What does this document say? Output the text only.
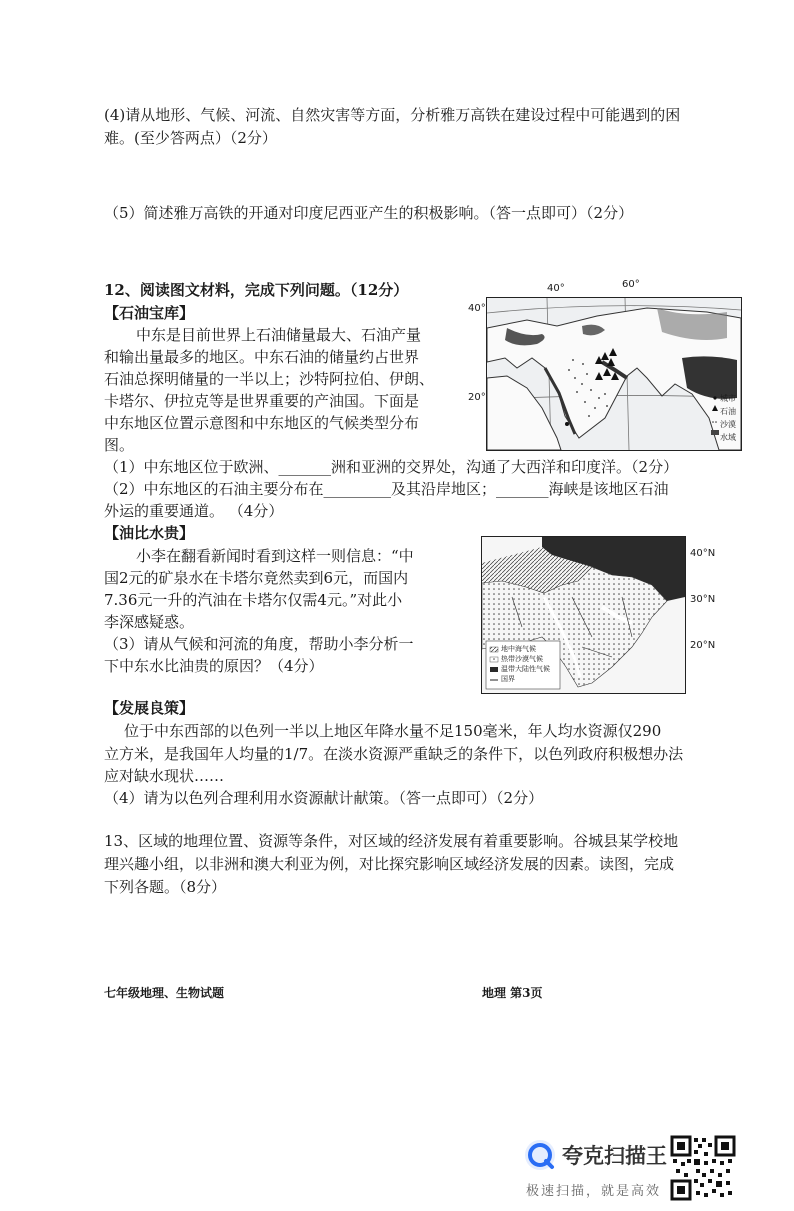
(4)请从地形、气候、河流、自然灾害等方面，分析雅万高铁在建设过程中可能遇到的困
难。(至少答两点）（2分）
（5）简述雅万高铁的开通对印度尼西亚产生的积极影响。（答一点即可）（2分）
12、阅读图文材料，完成下列问题。（12分）
【石油宝库】
中东是目前世界上石油储量最大、石油产量
和输出量最多的地区。中东石油的储量约占世界
石油总探明储量的一半以上；沙特阿拉伯、伊朗、
卡塔尔、伊拉克等是世界重要的产油国。下面是
中东地区位置示意图和中东地区的气候类型分布
图。
40°	60°
40°
20°	城市
石油
沙漠
水域
（1）中东地区位于欧洲、_______洲和亚洲的交界处，沟通了大西洋和印度洋。（2分）
（2）中东地区的石油主要分布在_________及其沿岸地区；_______海峡是该地区石油
外运的重要通道。 （4分）
【油比水贵】
小李在翻看新闻时看到这样一则信息：“中
国2元的矿泉水在卡塔尔竟然卖到6元，而国内
7.36元一升的汽油在卡塔尔仅需4元。”对此小
李深感疑惑。
（3）请从气候和河流的角度，帮助小李分析一
下中东水比油贵的原因？（4分）
40°N
30°N
20°N
地中海气候
热带沙漠气候
温带大陆性气候
国界
【发展良策】
位于中东西部的以色列一半以上地区年降水量不足150毫米，年人均水资源仅290
立方米，是我国年人均量的1/7。在淡水资源严重缺乏的条件下，以色列政府积极想办法
应对缺水现状……
（4）请为以色列合理利用水资源献计献策。（答一点即可）（2分）
13、区域的地理位置、资源等条件，对区域的经济发展有着重要影响。谷城县某学校地
理兴趣小组，以非洲和澳大利亚为例，对比探究影响区域经济发展的因素。读图，完成
下列各题。（8分）
七年级地理、生物试题	地理 第3页
夸克扫描王
极速扫描，就是高效
